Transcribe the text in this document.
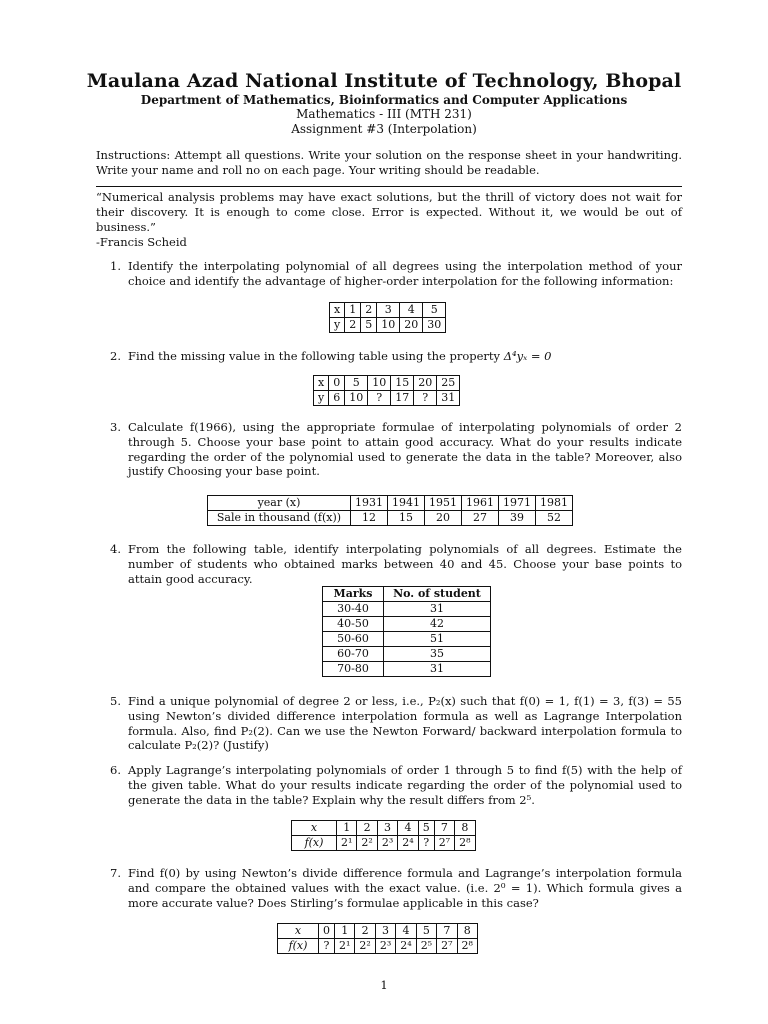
Maulana Azad National Institute of Technology, Bhopal
Department of Mathematics, Bioinformatics and Computer Applications
Mathematics - III (MTH 231)
Assignment #3 (Interpolation)
Instructions: Attempt all questions. Write your solution on the response sheet in your handwriting. Write your name and roll no on each page. Your writing should be readable.
“Numerical analysis problems may have exact solutions, but the thrill of victory does not wait for their discovery. It is enough to come close. Error is expected. Without it, we would be out of business.”
-Francis Scheid
1. Identify the interpolating polynomial of all degrees using the interpolation method of your choice and identify the advantage of higher-order interpolation for the following information:
x	1	2	3	4	5
y	2	5	10	20	30
2. Find the missing value in the following table using the property Δ⁴yₓ = 0
x	0	5	10	15	20	25
y	6	10	?	17	?	31
3. Calculate f(1966), using the appropriate formulae of interpolating polynomials of order 2 through 5. Choose your base point to attain good accuracy. What do your results indicate regarding the order of the polynomial used to generate the data in the table? Moreover, also justify Choosing your base point.
year (x)	1931	1941	1951	1961	1971	1981
Sale in thousand (f(x))	12	15	20	27	39	52
4. From the following table, identify interpolating polynomials of all degrees. Estimate the number of students who obtained marks between 40 and 45. Choose your base points to attain good accuracy.
Marks	No. of student
30-40	31
40-50	42
50-60	51
60-70	35
70-80	31
5. Find a unique polynomial of degree 2 or less, i.e., P₂(x) such that f(0) = 1, f(1) = 3, f(3) = 55 using Newton’s divided difference interpolation formula as well as Lagrange Interpolation formula. Also, find P₂(2). Can we use the Newton Forward/ backward interpolation formula to calculate P₂(2)? (Justify)
6. Apply Lagrange’s interpolating polynomials of order 1 through 5 to find f(5) with the help of the given table. What do your results indicate regarding the order of the polynomial used to generate the data in the table? Explain why the result differs from 2⁵.
x	1	2	3	4	5	7	8
f(x)	2¹	2²	2³	2⁴	?	2⁷	2⁸
7. Find f(0) by using Newton’s divide difference formula and Lagrange’s interpolation formula and compare the obtained values with the exact value. (i.e. 2⁰ = 1). Which formula gives a more accurate value? Does Stirling’s formulae applicable in this case?
x	0	1	2	3	4	5	7	8
f(x)	?	2¹	2²	2³	2⁴	2⁵	2⁷	2⁸
1
